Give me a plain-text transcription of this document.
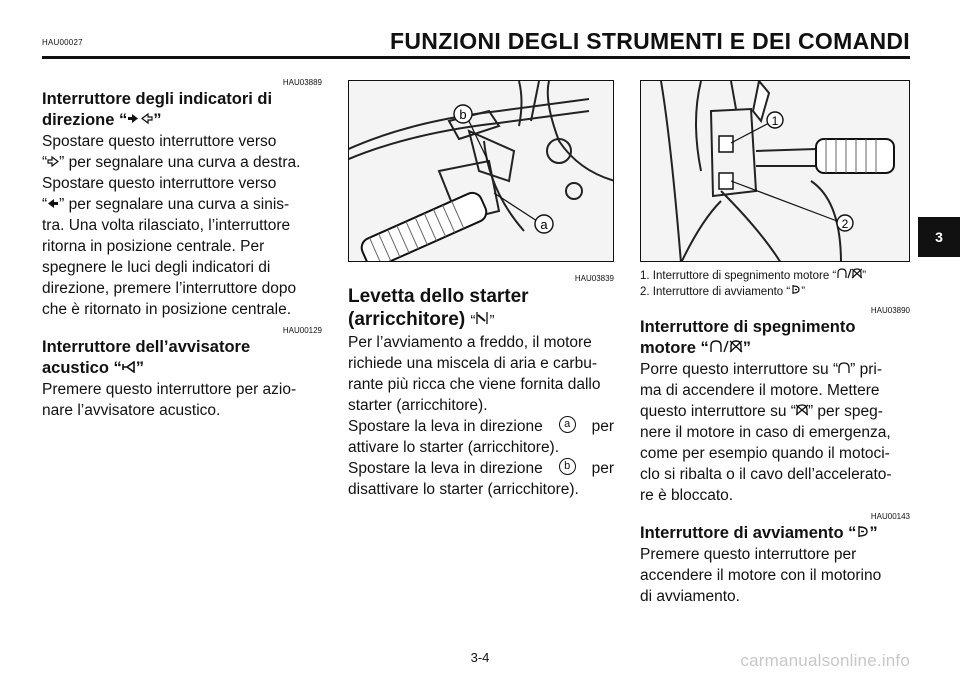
HAU00027	FUNZIONI DEGLI STRUMENTI E DEI COMANDI
HAU03889
Interruttore degli indicatori di
direzione “ ”
Spostare questo interruttore verso
“ ” per segnalare una curva a destra.
Spostare questo interruttore verso
“ ” per segnalare una curva a sinis-
tra. Una volta rilasciato, l’interruttore
ritorna in posizione centrale. Per
spegnere le luci degli indicatori di
direzione, premere l’interruttore dopo
che è ritornato in posizione centrale.
HAU00129
Interruttore dell’avvisatore
acustico “ ”
Premere questo interruttore per azio-
nare l’avvisatore acustico.
b
a
HAU03839
Levetta dello starter
(arricchitore) “ ”
Per l’avviamento a freddo, il motore
richiede una miscela di aria e carbu-
rante più ricca che viene fornita dallo
starter (arricchitore).
Spostare la leva in direzione	a	per
attivare lo starter (arricchitore).
Spostare la leva in direzione	b	per
disattivare lo starter (arricchitore).
1
2
1. Interruttore di spegnimento motore “ ”
2. Interruttore di avviamento “ ”
HAU03890
Interruttore di spegnimento
motore “ ”
Porre questo interruttore su “ ” pri-
ma di accendere il motore. Mettere
questo interruttore su “ ” per speg-
nere il motore in caso di emergenza,
come per esempio quando il motoci-
clo si ribalta o il cavo dell’accelerato-
re è bloccato.
HAU00143
Interruttore di avviamento “ ”
Premere questo interruttore per
accendere il motore con il motorino
di avviamento.
3
3-4	carmanualsonline.info
